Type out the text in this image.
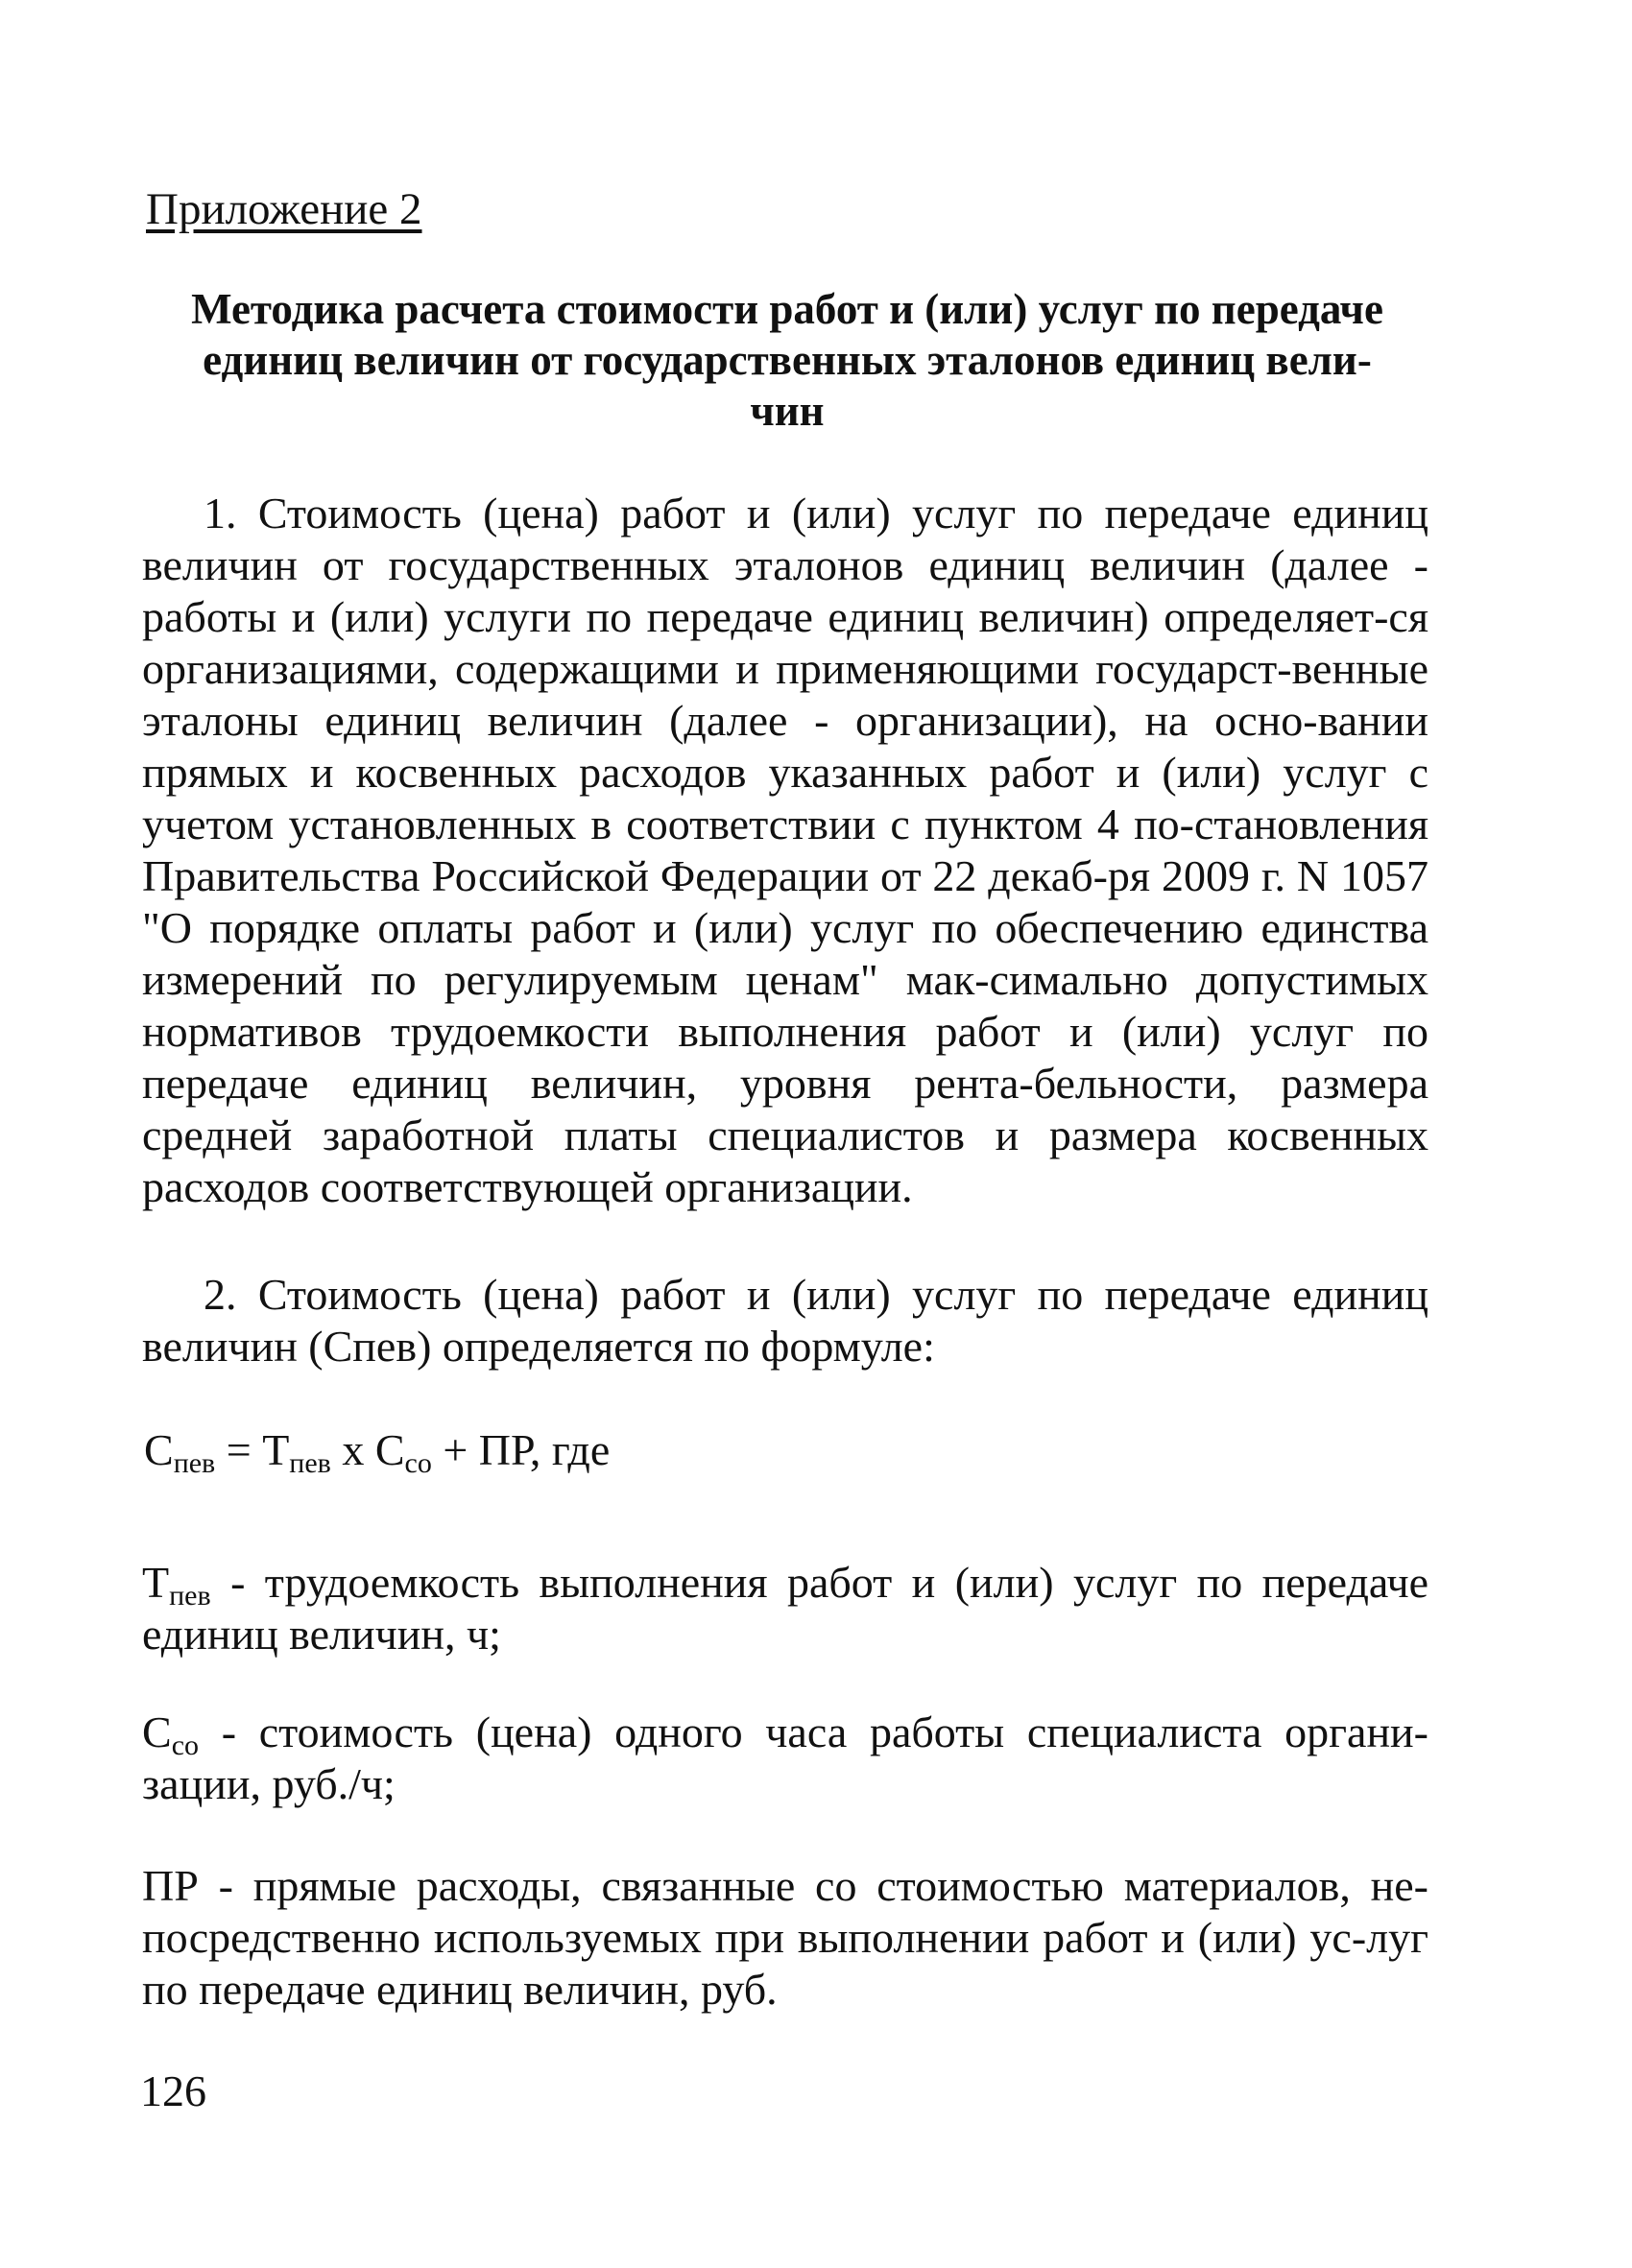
Приложение 2
Методика расчета стоимости работ и (или) услуг по передаче
единиц величин от государственных эталонов единиц вели-
чин
1. Стоимость (цена) работ и (или) услуг по передаче единиц величин от государственных эталонов единиц величин (далее - работы и (или) услуги по передаче единиц величин) определяет-ся организациями, содержащими и применяющими государст-венные эталоны единиц величин (далее - организации), на осно-вании прямых и косвенных расходов указанных работ и (или) услуг с учетом установленных в соответствии с пунктом 4 по-становления Правительства Российской Федерации от 22 декаб-ря 2009 г. N 1057 "О порядке оплаты работ и (или) услуг по обеспечению единства измерений по регулируемым ценам" мак-симально допустимых нормативов трудоемкости выполнения работ и (или) услуг по передаче единиц величин, уровня рента-бельности, размера средней заработной платы специалистов и размера косвенных расходов соответствующей организации.
2. Стоимость (цена) работ и (или) услуг по передаче единиц величин (Спев) определяется по формуле:
$С_{пев} = Т_{пев}$ х $С_{со}$ + ПР, где
$Т_{пев}$ - трудоемкость выполнения работ и (или) услуг по передаче единиц величин, ч;
$С_{со}$ - стоимость (цена) одного часа работы специалиста органи-зации, руб./ч;
ПР - прямые расходы, связанные со стоимостью материалов, не-посредственно используемых при выполнении работ и (или) ус-луг по передаче единиц величин, руб.
126
